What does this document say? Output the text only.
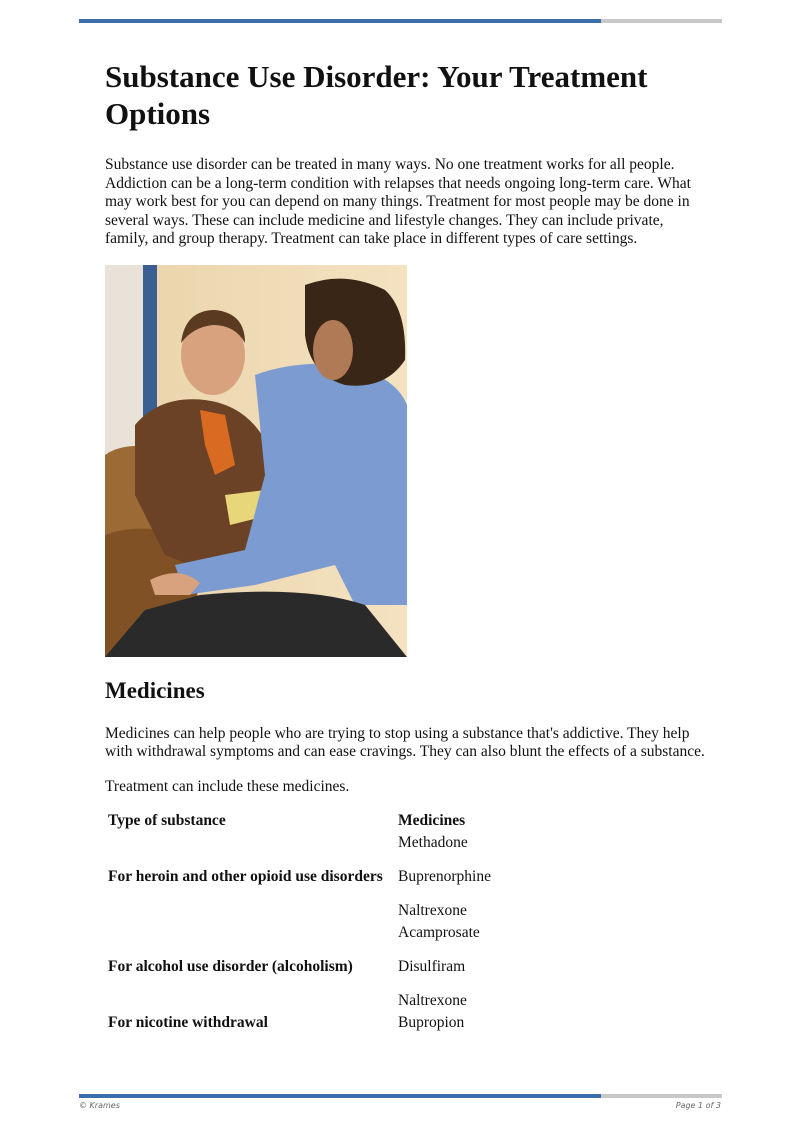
Substance Use Disorder: Your Treatment Options

Substance use disorder can be treated in many ways. No one treatment works for all people. Addiction can be a long-term condition with relapses that needs ongoing long-term care. What may work best for you can depend on many things. Treatment for most people may be done in several ways. These can include medicine and lifestyle changes. They can include private, family, and group therapy. Treatment can take place in different types of care settings.

Medicines

Medicines can help people who are trying to stop using a substance that's addictive. They help with withdrawal symptoms and can ease cravings. They can also blunt the effects of a substance.

Treatment can include these medicines.

Type of substance	Medicines
	Methadone

For heroin and other opioid use disorders	Buprenorphine

	Naltrexone
	Acamprosate

For alcohol use disorder (alcoholism)	Disulfiram

	Naltrexone
For nicotine withdrawal	Bupropion
© Krames	Page 1 of 3
